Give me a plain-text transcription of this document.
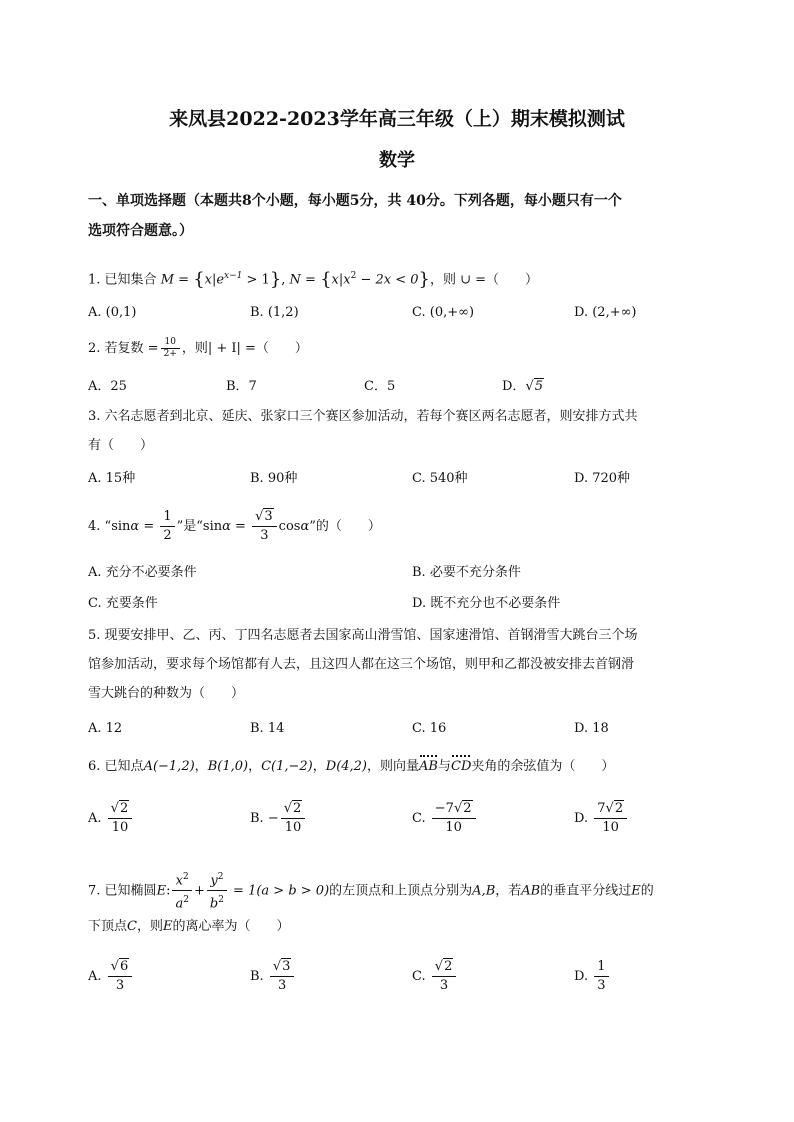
来凤县2022-2023学年高三年级（上）期末模拟测试
数学
一、单项选择题（本题共8个小题，每小题5分，共 40分。下列各题，每小题只有一个
选项符合题意。）
1. 已知集合 $M = \{x|e^{x-1} > 1\}$, $N = \{x|x^2 - 2x < 0\}$，则 ∪ =（　　）
A. (0,1)	B. (1,2)	C. (0,+∞)	D. (2,+∞)
2. 若复数 = $\frac{10}{2+}$ ，则| + I| =（　　）
A．25	B．7	C．5	D．√5
3. 六名志愿者到北京、延庆、张家口三个赛区参加活动，若每个赛区两名志愿者，则安排方式共
有（　　）
A. 15种	B. 90种	C. 540种	D. 720种
4. “$\sin\alpha = \frac{1}{2}$ ”是“$\sin\alpha = \frac{√3}{3} \cos\alpha$”的（　　）
A. 充分不必要条件	B. 必要不充分条件
C. 充要条件	D. 既不充分也不必要条件
5. 现要安排甲、乙、丙、丁四名志愿者去国家高山滑雪馆、国家速滑馆、首钢滑雪大跳台三个场
馆参加活动，要求每个场馆都有人去，且这四人都在这三个场馆，则甲和乙都没被安排去首钢滑
雪大跳台的种数为（　　）
A. 12	B. 14	C. 16	D. 18
6. 已知点A(−1,2)，B(1,0)，C(1,−2)，D(4,2)，则向量AB与CD夹角的余弦值为（　　）
A. $\frac{√2}{10}$	B. − $\frac{√2}{10}$	C. $\frac{-7√2}{10}$	D. $\frac{7√2}{10}$
7. 已知椭圆E: $\frac{x^2}{a^2} + \frac{y^2}{b^2} = 1(a > b > 0)$的左顶点和上顶点分别为A,B，若AB的垂直平分线过E的
下顶点C，则E的离心率为（　　）
A. $\frac{√6}{3}$	B. $\frac{√3}{3}$	C. $\frac{√2}{3}$	D. $\frac{1}{3}$
